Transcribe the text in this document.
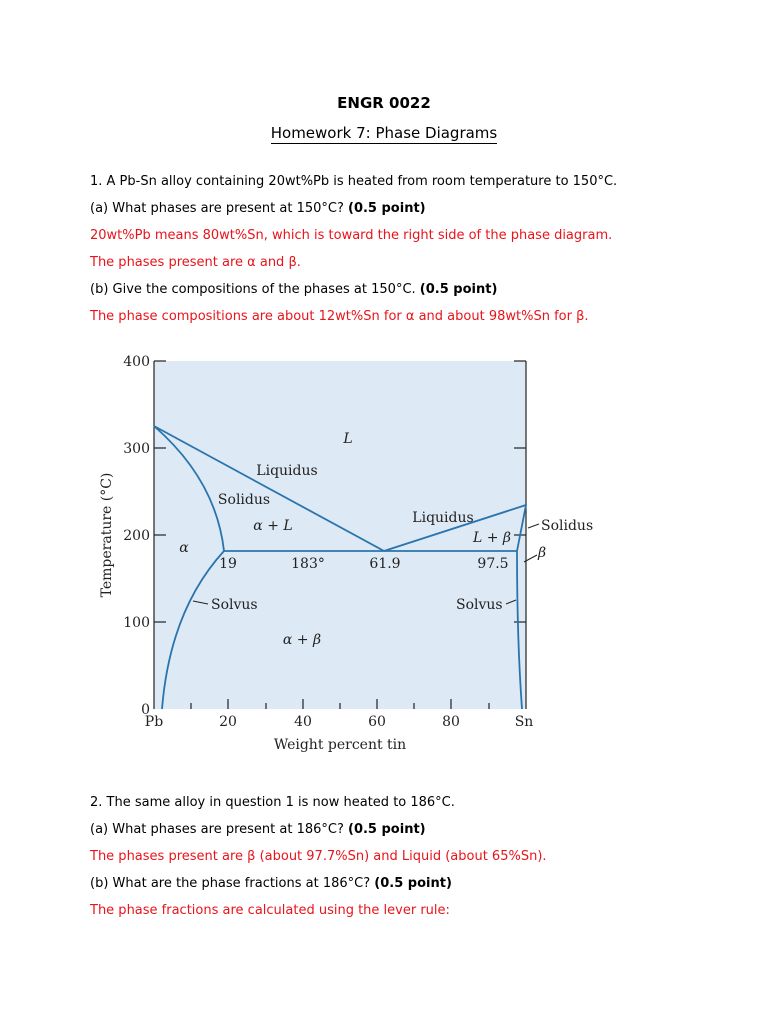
ENGR 0022
Homework 7: Phase Diagrams
1. A Pb-Sn alloy containing 20wt%Pb is heated from room temperature to 150°C.
(a) What phases are present at 150°C? (0.5 point)
20wt%Pb means 80wt%Sn, which is toward the right side of the phase diagram.
The phases present are α and β.
(b) Give the compositions of the phases at 150°C. (0.5 point)
The phase compositions are about 12wt%Sn for α and about 98wt%Sn for β.
400
300
200
100
0
Pb	20	40	60	80	Sn
Weight percent tin
Temperature (°C)
L
Liquidus
Solidus
α + L
α
19	183°	61.9
Liquidus
L + β
97.5
Solidus
β
Solvus	Solvus
α + β
2. The same alloy in question 1 is now heated to 186°C.
(a) What phases are present at 186°C? (0.5 point)
The phases present are β (about 97.7%Sn) and Liquid (about 65%Sn).
(b) What are the phase fractions at 186°C? (0.5 point)
The phase fractions are calculated using the lever rule:
